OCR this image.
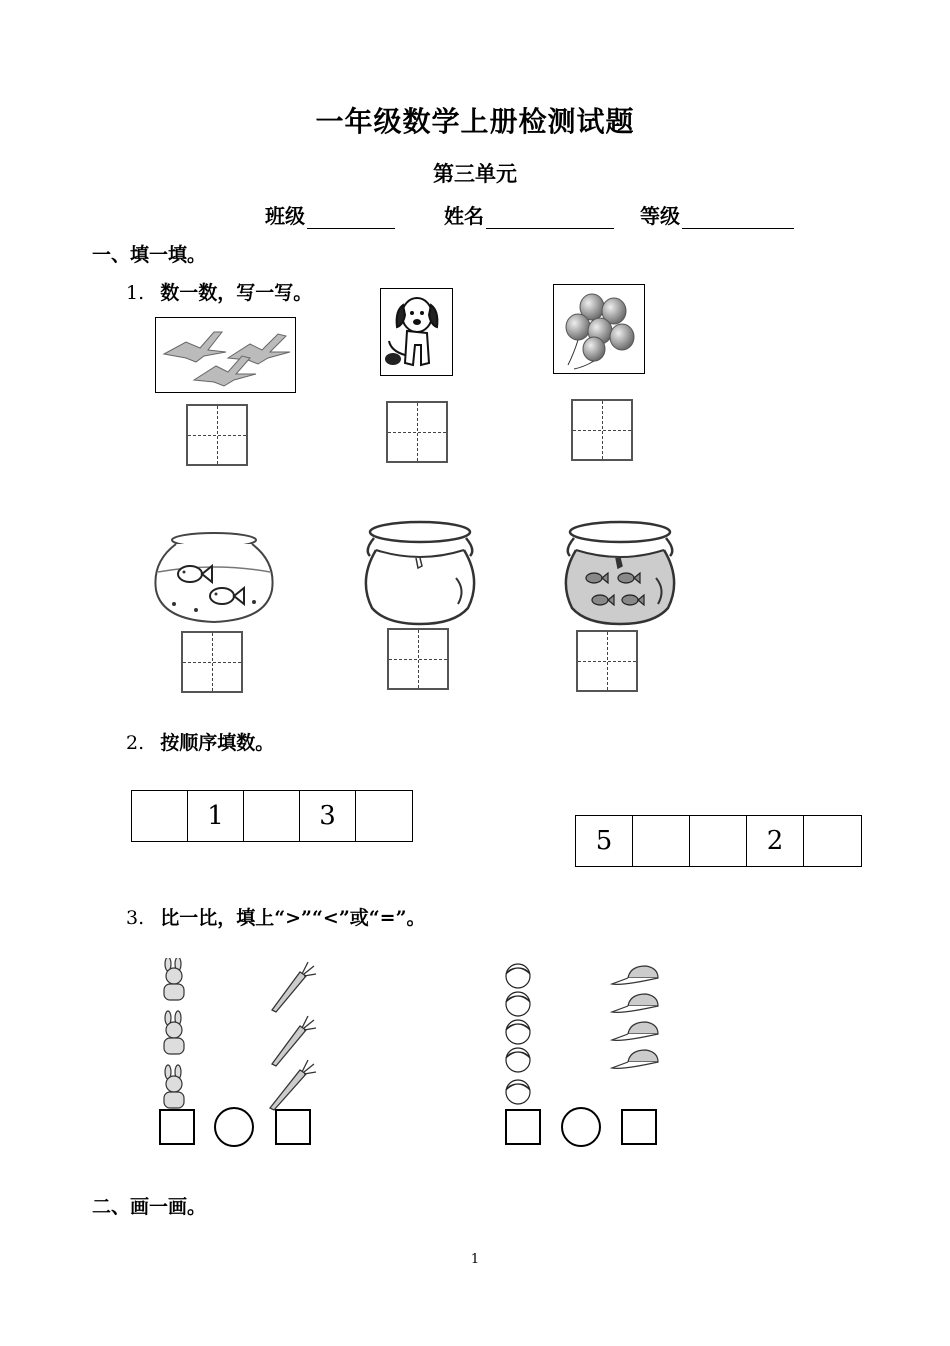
一年级数学上册检测试题
第三单元
班级	姓名	等级
一、填一填。
1. 数一数，写一写。
2. 按顺序填数。
1	3
5	2
3. 比一比，填上“>”“<”或“=”。
二、画一画。
1
